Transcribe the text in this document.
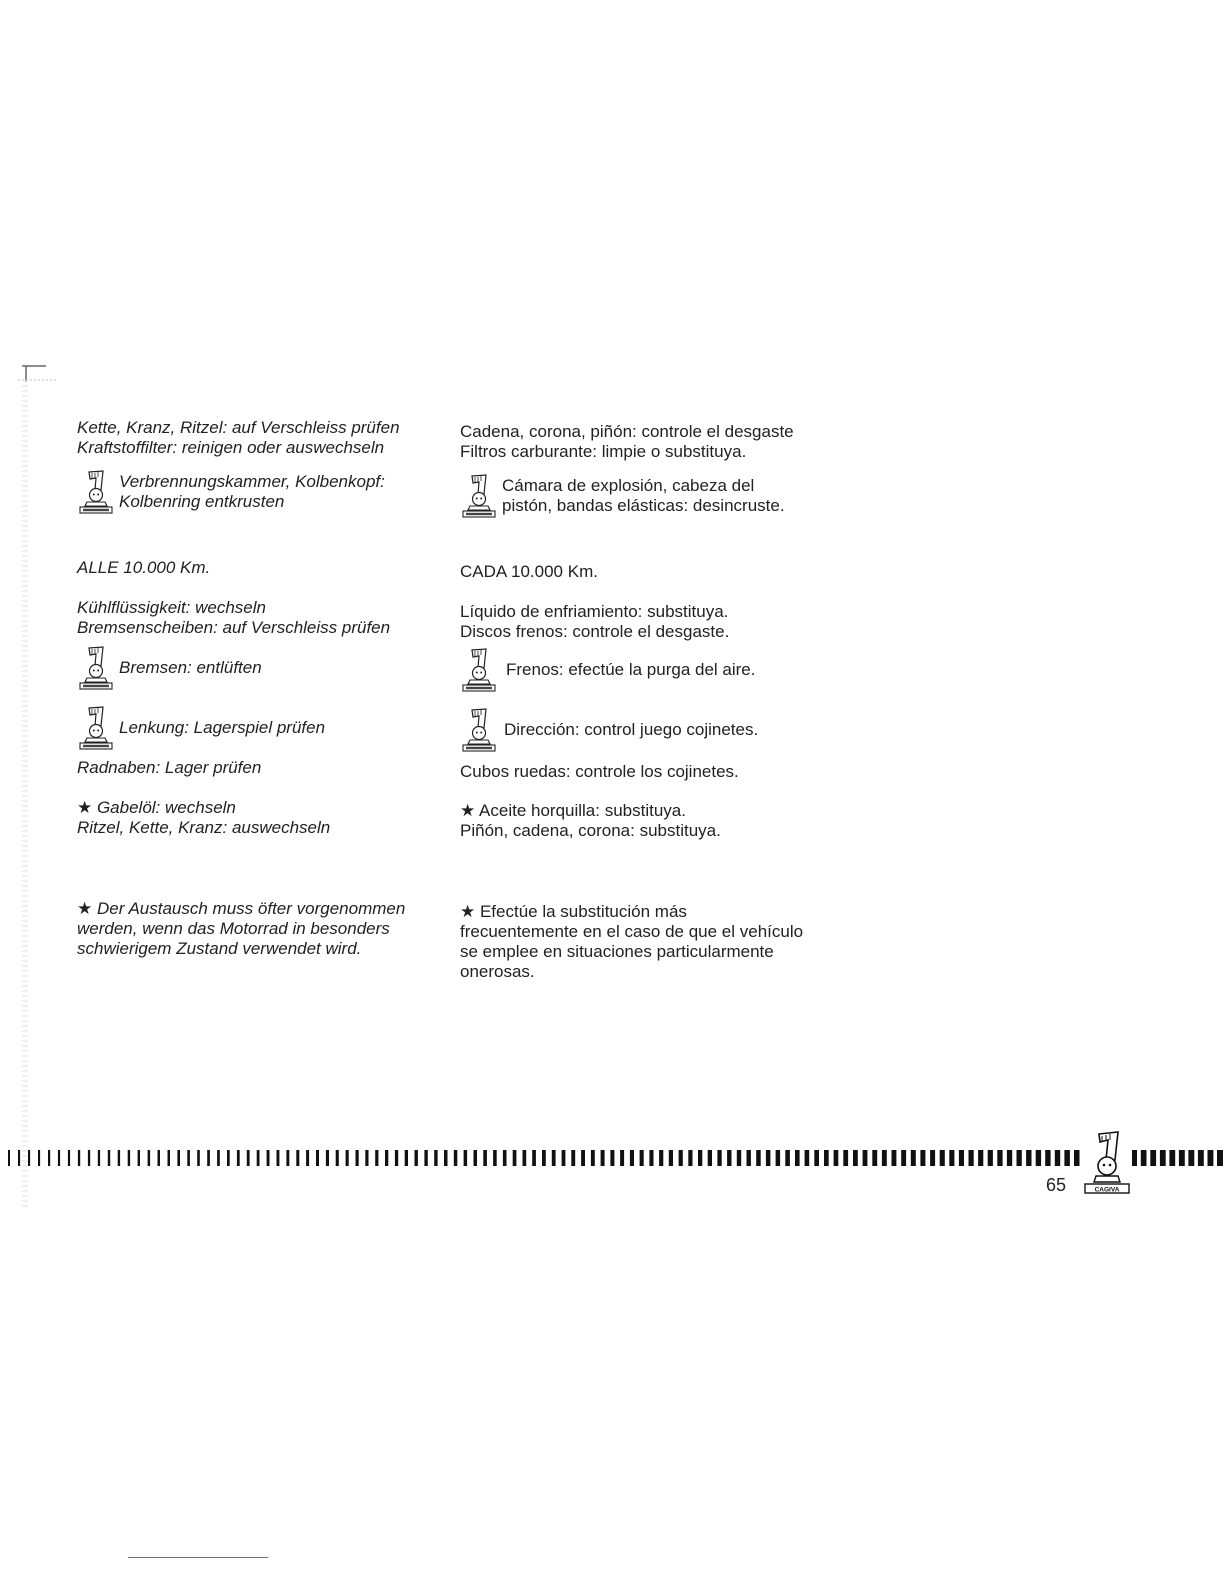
Kette, Kranz, Ritzel: auf Verschleiss prüfen
Kraftstoffilter: reinigen oder auswechseln
Verbrennungskammer, Kolbenkopf:
Kolbenring entkrusten
ALLE 10.000 Km.
Kühlflüssigkeit: wechseln
Bremsenscheiben: auf Verschleiss prüfen
Bremsen: entlüften
Lenkung: Lagerspiel prüfen
Radnaben: Lager prüfen
★ Gabelöl: wechseln
Ritzel, Kette, Kranz: auswechseln
★ Der Austausch muss öfter vorgenommen
werden, wenn das Motorrad in besonders
schwierigem Zustand verwendet wird.
Cadena, corona, piñón: controle el desgaste
Filtros carburante: limpie o substituya.
Cámara de explosión, cabeza del
pistón, bandas elásticas: desincruste.
CADA 10.000 Km.
Líquido de enfriamiento: substituya.
Discos frenos: controle el desgaste.
Frenos: efectúe la purga del aire.
Dirección: control juego cojinetes.
Cubos ruedas: controle los cojinetes.
★ Aceite horquilla: substituya.
Piñón, cadena, corona: substituya.
★ Efectúe la substitución más
frecuentemente en el caso de que el vehículo
se emplee en situaciones particularmente
onerosas.
CAGIVA
65
